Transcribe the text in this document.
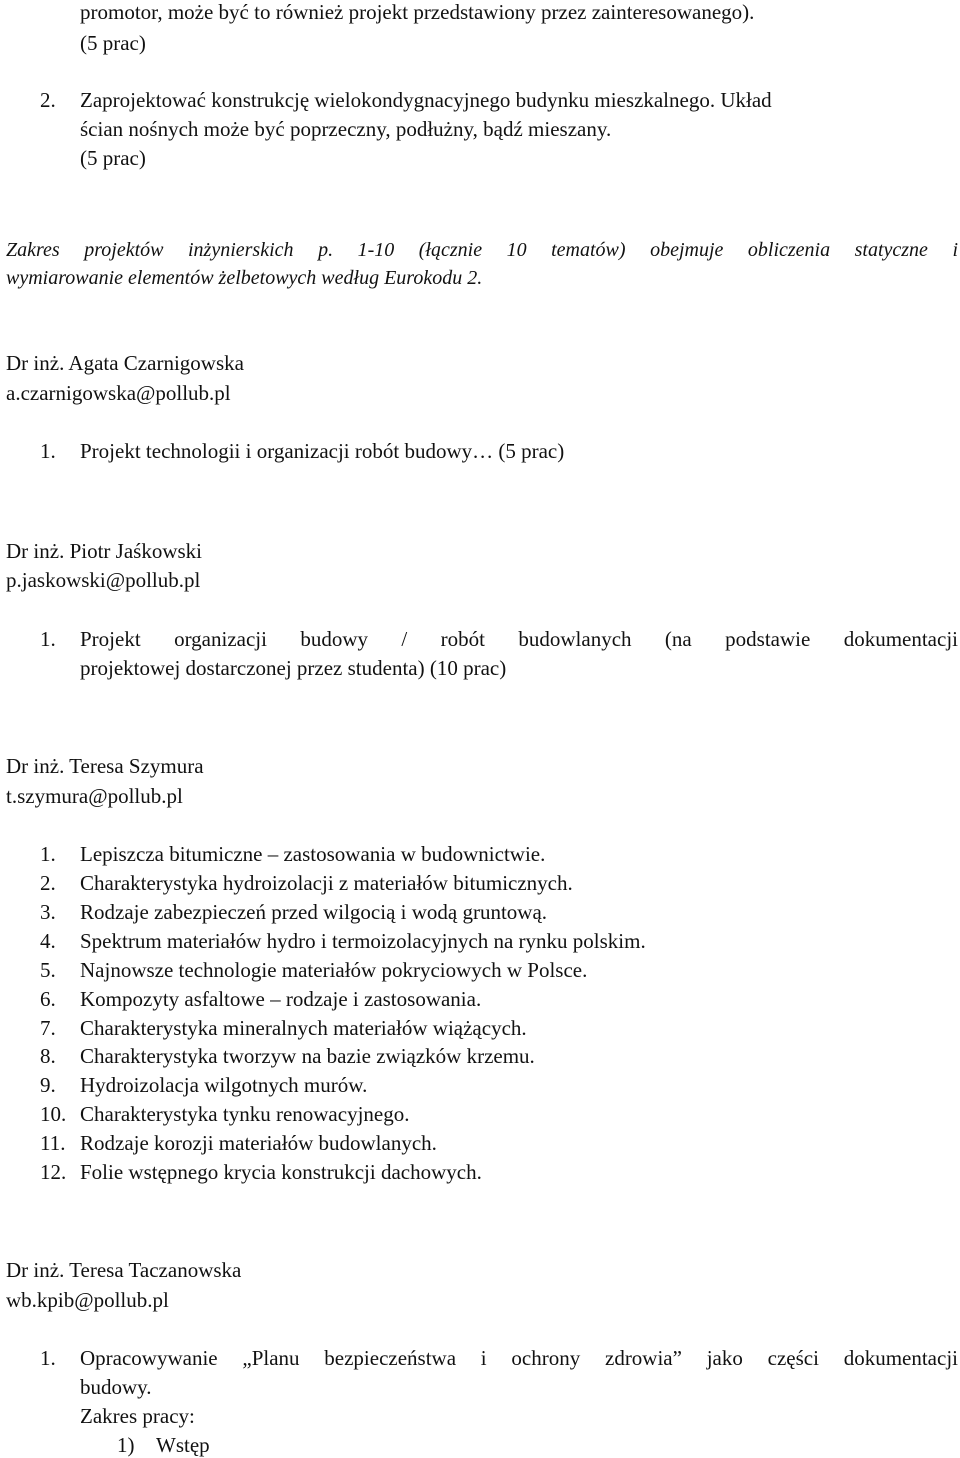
promotor, może być to również projekt przedstawiony przez zainteresowanego).
(5 prac)
2. Zaprojektować konstrukcję wielokondygnacyjnego budynku mieszkalnego. Układ
ścian nośnych może być poprzeczny, podłużny, bądź mieszany.
(5 prac)
Zakres projektów inżynierskich p. 1-10 (łącznie 10 tematów) obejmuje obliczenia statyczne i
wymiarowanie elementów żelbetowych według Eurokodu 2.
Dr inż. Agata Czarnigowska
a.czarnigowska@pollub.pl
1. Projekt technologii i organizacji robót budowy… (5 prac)
Dr inż. Piotr Jaśkowski
p.jaskowski@pollub.pl
1. Projekt organizacji budowy / robót budowlanych (na podstawie dokumentacji
projektowej dostarczonej przez studenta) (10 prac)
Dr inż. Teresa Szymura
t.szymura@pollub.pl
1. Lepiszcza bitumiczne – zastosowania w budownictwie.
2. Charakterystyka hydroizolacji z materiałów bitumicznych.
3. Rodzaje zabezpieczeń przed wilgocią i wodą gruntową.
4. Spektrum materiałów hydro i termoizolacyjnych na rynku polskim.
5. Najnowsze technologie materiałów pokryciowych w Polsce.
6. Kompozyty asfaltowe – rodzaje i zastosowania.
7. Charakterystyka mineralnych materiałów wiążących.
8. Charakterystyka tworzyw na bazie związków krzemu.
9. Hydroizolacja wilgotnych murów.
10. Charakterystyka tynku renowacyjnego.
11. Rodzaje korozji materiałów budowlanych.
12. Folie wstępnego krycia konstrukcji dachowych.
Dr inż. Teresa Taczanowska
wb.kpib@pollub.pl
1. Opracowywanie „Planu bezpieczeństwa i ochrony zdrowia” jako części dokumentacji
budowy.
Zakres pracy:
1) Wstęp
